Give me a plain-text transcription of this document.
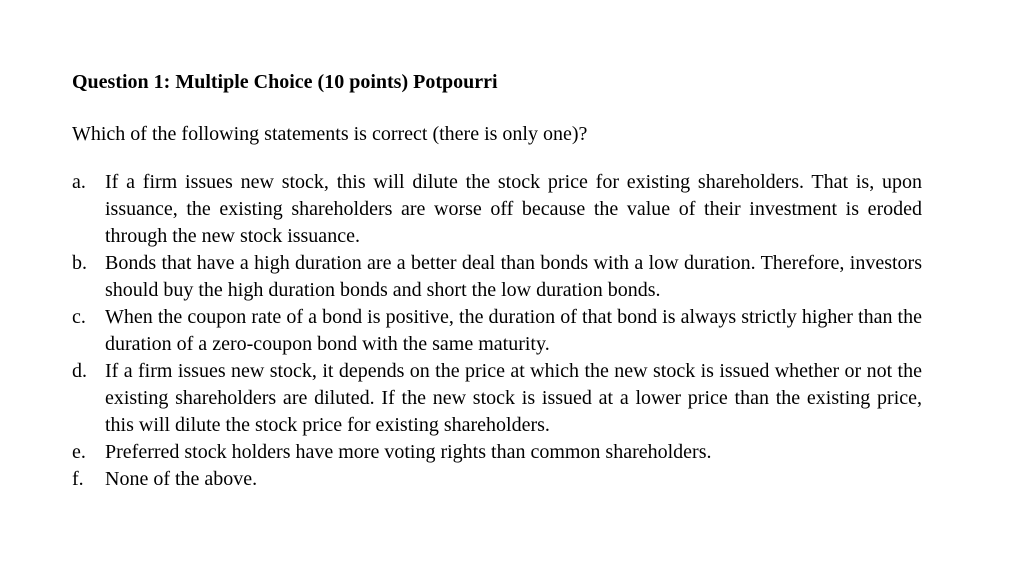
Question 1: Multiple Choice (10 points) Potpourri
Which of the following statements is correct (there is only one)?
a. If a firm issues new stock, this will dilute the stock price for existing shareholders. That is, upon issuance, the existing shareholders are worse off because the value of their investment is eroded through the new stock issuance.
b. Bonds that have a high duration are a better deal than bonds with a low duration. Therefore, investors should buy the high duration bonds and short the low duration bonds.
c. When the coupon rate of a bond is positive, the duration of that bond is always strictly higher than the duration of a zero-coupon bond with the same maturity.
d. If a firm issues new stock, it depends on the price at which the new stock is issued whether or not the existing shareholders are diluted. If the new stock is issued at a lower price than the existing price, this will dilute the stock price for existing shareholders.
e. Preferred stock holders have more voting rights than common shareholders.
f.	None of the above.
